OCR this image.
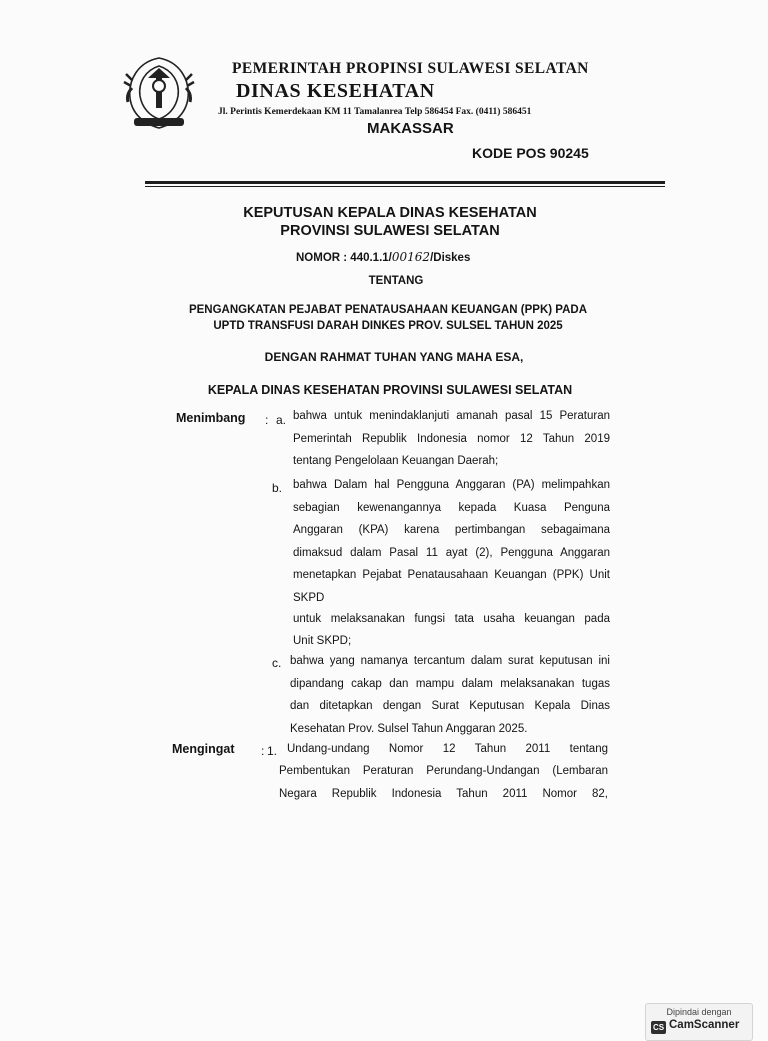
PEMERINTAH PROPINSI SULAWESI SELATAN
DINAS KESEHATAN
Jl. Perintis Kemerdekaan KM 11 Tamalanrea Telp 586454 Fax. (0411) 586451
MAKASSAR
KODE POS 90245
KEPUTUSAN KEPALA DINAS KESEHATAN
PROVINSI SULAWESI SELATAN
NOMOR : 440.1.1/00162/Diskes
TENTANG
PENGANGKATAN PEJABAT PENATAUSAHAAN KEUANGAN (PPK) PADA
UPTD TRANSFUSI DARAH DINKES PROV. SULSEL TAHUN 2025
DENGAN RAHMAT TUHAN YANG MAHA ESA,
KEPALA DINAS KESEHATAN PROVINSI SULAWESI SELATAN
Menimbang : a. bahwa untuk menindaklanjuti amanah pasal 15 Peraturan
Pemerintah Republik Indonesia nomor 12 Tahun 2019
tentang Pengelolaan Keuangan Daerah;
b. bahwa Dalam hal Pengguna Anggaran (PA) melimpahkan
sebagian kewenangannya kepada Kuasa Penguna
Anggaran (KPA) karena pertimbangan sebagaimana
dimaksud dalam Pasal 11 ayat (2), Pengguna Anggaran
menetapkan Pejabat Penatausahaan Keuangan (PPK) Unit
SKPD
untuk melaksanakan fungsi tata usaha keuangan pada
Unit SKPD;
c. bahwa yang namanya tercantum dalam surat keputusan ini
dipandang cakap dan mampu dalam melaksanakan tugas
dan ditetapkan dengan Surat Keputusan Kepala Dinas
Kesehatan Prov. Sulsel Tahun Anggaran 2025.
Mengingat : 1. Undang-undang Nomor 12 Tahun 2011 tentang
Pembentukan Peraturan Perundang-Undangan (Lembaran
Negara Republik Indonesia Tahun 2011 Nomor 82,
Dipindai dengan
CS CamScanner
